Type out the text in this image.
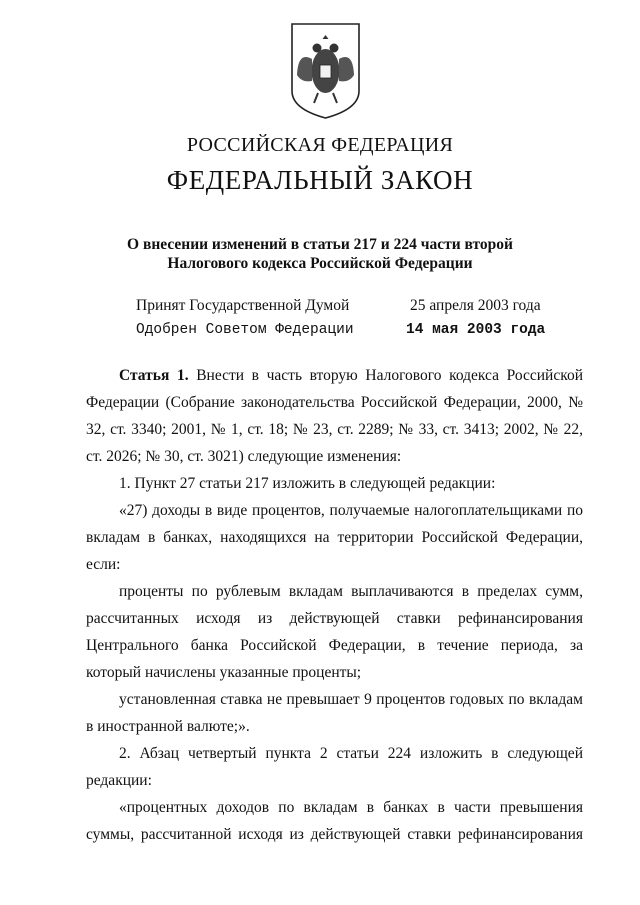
РОССИЙСКАЯ ФЕДЕРАЦИЯ
ФЕДЕРАЛЬНЫЙ ЗАКОН
О внесении изменений в статьи 217 и 224 части второй
Налогового кодекса Российской Федерации
Принят Государственной Думой	25 апреля 2003 года
Одобрен Советом Федерации	14 мая 2003 года

Статья 1. Внести в часть вторую Налогового кодекса Российской Федерации (Собрание законодательства Российской Федерации, 2000, № 32, ст. 3340; 2001, № 1, ст. 18; № 23, ст. 2289; № 33, ст. 3413; 2002, № 22, ст. 2026; № 30, ст. 3021) следующие изменения:

1. Пункт 27 статьи 217 изложить в следующей редакции:

«27) доходы в виде процентов, получаемые налогоплательщиками по вкладам в банках, находящихся на территории Российской Федерации, если:

проценты по рублевым вкладам выплачиваются в пределах сумм, рассчитанных исходя из действующей ставки рефинансирования Центрального банка Российской Федерации, в течение периода, за который начислены указанные проценты;

установленная ставка не превышает 9 процентов годовых по вкладам в иностранной валюте;».

2. Абзац четвертый пункта 2 статьи 224 изложить в следующей редакции:

«процентных доходов по вкладам в банках в части превышения суммы, рассчитанной исходя из действующей ставки рефинансирования
